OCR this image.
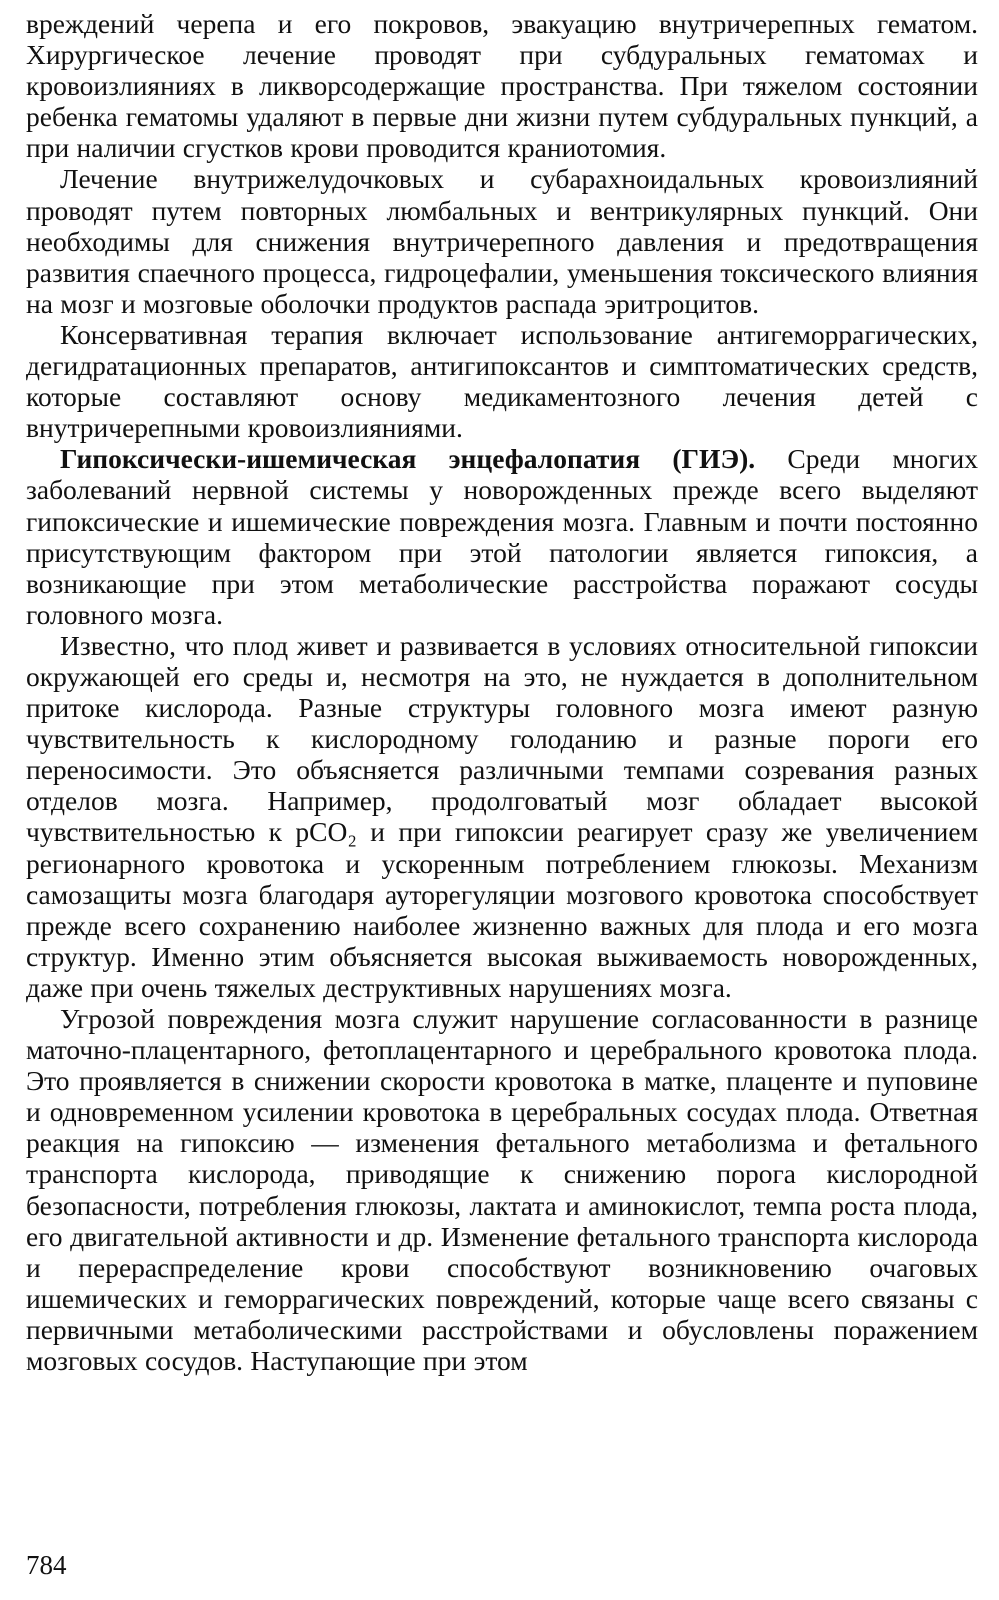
вреждений черепа и его покровов, эвакуацию внутричерепных гематом. Хирургическое лечение проводят при субдуральных гематомах и кровоизлияниях в ликворсодержащие пространства. При тяжелом состоянии ребенка гематомы удаляют в первые дни жизни путем субдуральных пункций, а при наличии сгустков крови проводится краниотомия.

Лечение внутрижелудочковых и субарахноидальных кровоизлияний проводят путем повторных люмбальных и вентрикулярных пункций. Они необходимы для снижения внутричерепного давления и предотвращения развития спаечного процесса, гидроцефалии, уменьшения токсического влияния на мозг и мозговые оболочки продуктов распада эритроцитов.

Консервативная терапия включает использование антигеморрагических, дегидратационных препаратов, антигипоксантов и симптоматических средств, которые составляют основу медикаментозного лечения детей с внутричерепными кровоизлияниями.

Гипоксически-ишемическая энцефалопатия (ГИЭ). Среди многих заболеваний нервной системы у новорожденных прежде всего выделяют гипоксические и ишемические повреждения мозга. Главным и почти постоянно присутствующим фактором при этой патологии является гипоксия, а возникающие при этом метаболические расстройства поражают сосуды головного мозга.

Известно, что плод живет и развивается в условиях относительной гипоксии окружающей его среды и, несмотря на это, не нуждается в дополнительном притоке кислорода. Разные структуры головного мозга имеют разную чувствительность к кислородному голоданию и разные пороги его переносимости. Это объясняется различными темпами созревания разных отделов мозга. Например, продолговатый мозг обладает высокой чувствительностью к pCO₂ и при гипоксии реагирует сразу же увеличением регионарного кровотока и ускоренным потреблением глюкозы. Механизм самозащиты мозга благодаря ауторегуляции мозгового кровотока способствует прежде всего сохранению наиболее жизненно важных для плода и его мозга структур. Именно этим объясняется высокая выживаемость новорожденных, даже при очень тяжелых деструктивных нарушениях мозга.

Угрозой повреждения мозга служит нарушение согласованности в разнице маточно-плацентарного, фетоплацентарного и церебрального кровотока плода. Это проявляется в снижении скорости кровотока в матке, плаценте и пуповине и одновременном усилении кровотока в церебральных сосудах плода. Ответная реакция на гипоксию — изменения фетального метаболизма и фетального транспорта кислорода, приводящие к снижению порога кислородной безопасности, потребления глюкозы, лактата и аминокислот, темпа роста плода, его двигательной активности и др. Изменение фетального транспорта кислорода и перераспределение крови способствуют возникновению очаговых ишемических и геморрагических повреждений, которые чаще всего связаны с первичными метаболическими расстройствами и обусловлены поражением мозговых сосудов. Наступающие при этом

784
